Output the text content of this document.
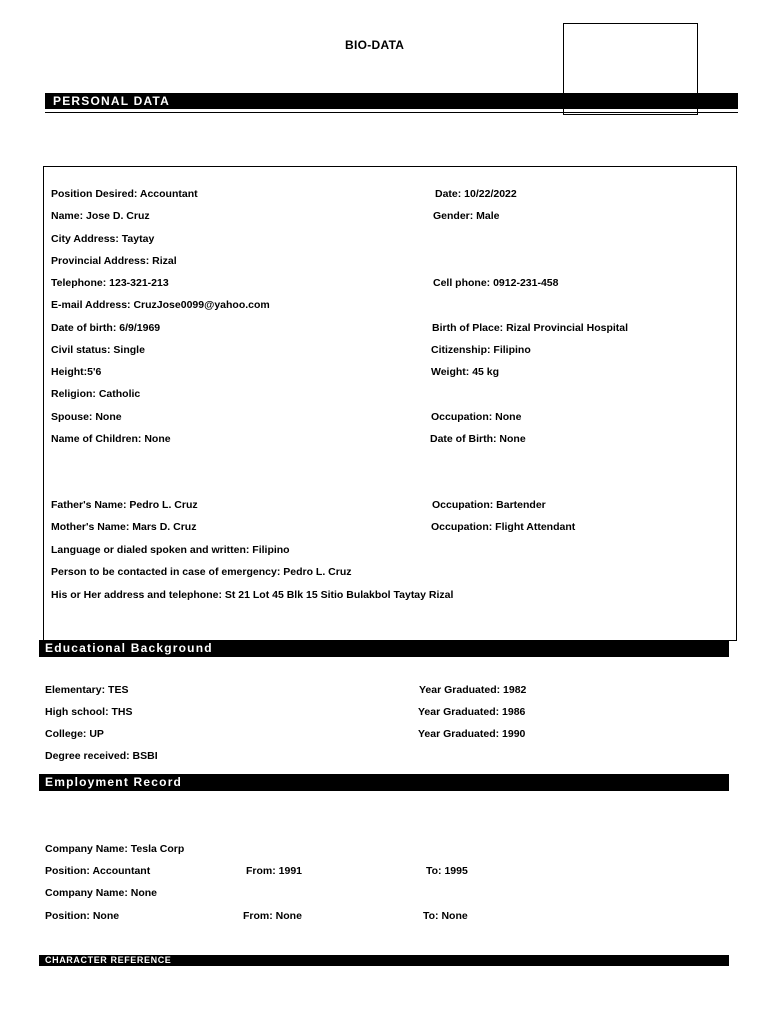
BIO-DATA
PERSONAL DATA
Position Desired: Accountant	Date: 10/22/2022
Name: Jose D. Cruz	Gender: Male
City Address: Taytay
Provincial Address: Rizal
Telephone: 123-321-213	Cell phone: 0912-231-458
E-mail Address: CruzJose0099@yahoo.com
Date of birth: 6/9/1969	Birth of Place: Rizal Provincial Hospital
Civil status: Single	Citizenship: Filipino
Height:5'6	Weight: 45 kg
Religion: Catholic
Spouse: None	Occupation: None
Name of Children: None	Date of Birth: None
Father's Name: Pedro L. Cruz	Occupation: Bartender
Mother's Name: Mars D. Cruz	Occupation: Flight Attendant
Language or dialed spoken and written: Filipino
Person to be contacted in case of emergency: Pedro L. Cruz
His or Her address and telephone: St 21 Lot 45 Blk 15 Sitio Bulakbol Taytay Rizal
Educational Background
Elementary: TES	Year Graduated: 1982
High school: THS	Year Graduated: 1986
College: UP	Year Graduated: 1990
Degree received: BSBI
Employment Record
Company Name: Tesla Corp
Position: Accountant	From: 1991	To: 1995
Company Name: None
Position: None	From: None	To: None
CHARACTER REFERENCE
